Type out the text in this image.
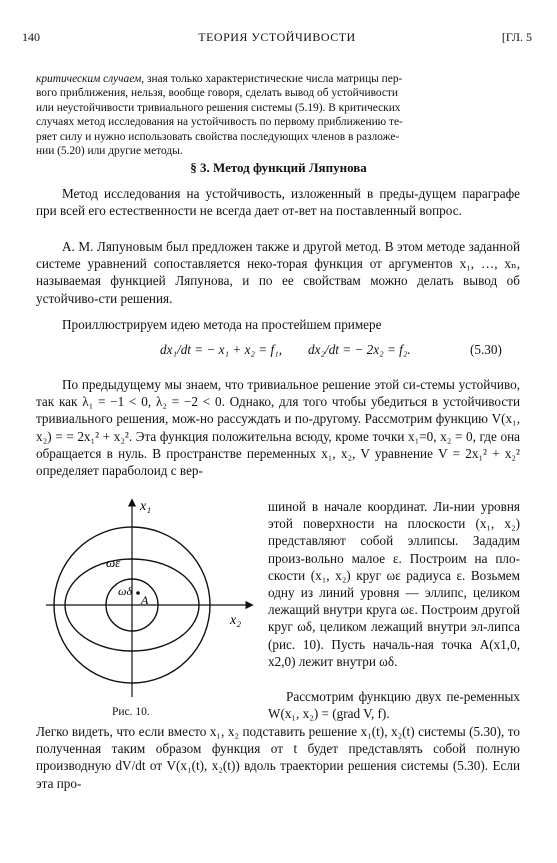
140	ТЕОРИЯ УСТОЙЧИВОСТИ	[ГЛ. 5
критическим случаем, зная только характеристические числа матрицы пер-
вого приближения, нельзя, вообще говоря, сделать вывод об устойчивости
или неустойчивости тривиального решения системы (5.19). В критических
случаях метод исследования на устойчивость по первому приближению те-
ряет силу и нужно использовать свойства последующих членов в разложе-
нии (5.20) или другие методы.
§ 3. Метод функций Ляпунова
Метод исследования на устойчивость, изложенный в преды-дущем параграфе при всей его естественности не всегда дает от-вет на поставленный вопрос.
А. М. Ляпуновым был предложен также и другой метод. В этом методе заданной системе уравнений сопоставляется неко-торая функция от аргументов x₁, …, xₙ, называемая функцией Ляпунова, и по ее свойствам можно делать вывод об устойчиво-сти решения.
Проиллюстрируем идею метода на простейшем примере
dx₁/dt = − x₁ + x₂ = f₁, dx₂/dt = − 2x₂ = f₂.	(5.30)
По предыдущему мы знаем, что тривиальное решение этой си-стемы устойчиво, так как λ₁ = −1 < 0, λ₂ = −2 < 0. Однако, для того чтобы убедиться в устойчивости тривиального решения, мож-но рассуждать и по-другому. Рассмотрим функцию V(x₁, x₂) = = 2x₁² + x₂². Эта функция положительна всюду, кроме точки x₁=0, x₂ = 0, где она обращается в нуль. В пространстве переменных x₁, x₂, V уравнение V = 2x₁² + x₂² определяет параболоид с вер-
шиной в начале координат. Ли-нии уровня этой поверхности на плоскости (x₁, x₂) представляют собой эллипсы. Зададим произ-вольно малое ε. Построим на пло-скости (x₁, x₂) круг ωε радиуса ε. Возьмем одну из линий уровня — эллипс, целиком лежащий внутри круга ωε. Построим другой круг ωδ, целиком лежащий внутри эл-липса (рис. 10). Пусть началь-ная точка A(x1,0, x2,0) лежит внутри ωδ.
Рассмотрим функцию двух пе-ременных W(x₁, x₂) = (grad V, f).
Легко видеть, что если вместо x₁, x₂ подставить решение x₁(t), x₂(t) системы (5.30), то полученная таким образом функция от t будет представлять собой полную производную dV/dt от V(x₁(t), x₂(t)) вдоль траектории решения системы (5.30). Если эта про-
x₁
x₂
ωε
ωδ
A
Рис. 10.
